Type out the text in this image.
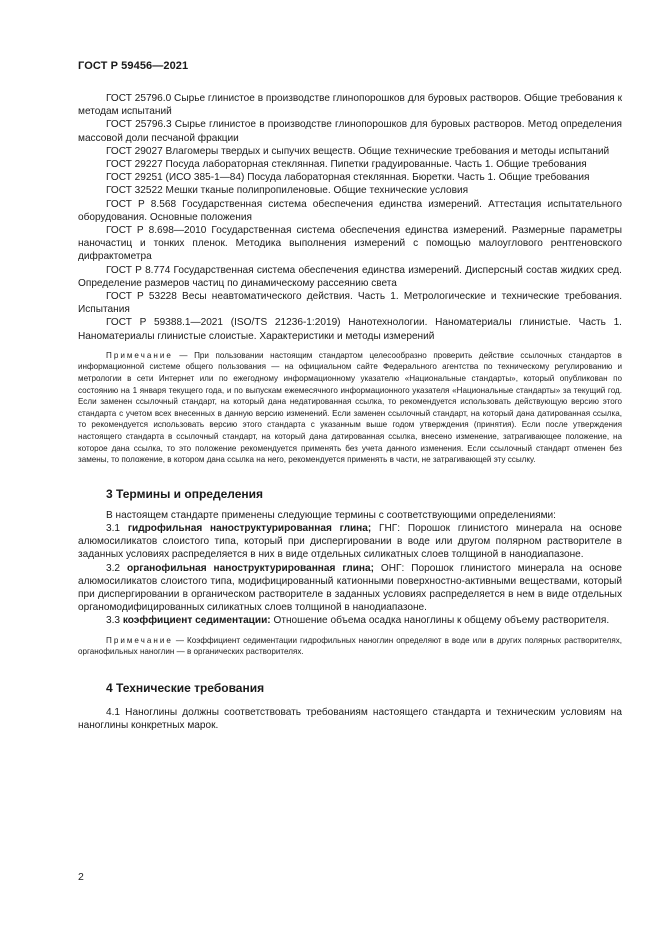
ГОСТ Р 59456—2021

ГОСТ 25796.0 Сырье глинистое в производстве глинопорошков для буровых растворов. Общие требования к методам испытаний

ГОСТ 25796.3 Сырье глинистое в производстве глинопорошков для буровых растворов. Метод определения массовой доли песчаной фракции

ГОСТ 29027 Влагомеры твердых и сыпучих веществ. Общие технические требования и методы испытаний

ГОСТ 29227 Посуда лабораторная стеклянная. Пипетки градуированные. Часть 1. Общие требования

ГОСТ 29251 (ИСО 385-1—84) Посуда лабораторная стеклянная. Бюретки. Часть 1. Общие требования

ГОСТ 32522 Мешки тканые полипропиленовые. Общие технические условия

ГОСТ Р 8.568 Государственная система обеспечения единства измерений. Аттестация испытательного оборудования. Основные положения

ГОСТ Р 8.698—2010 Государственная система обеспечения единства измерений. Размерные параметры наночастиц и тонких пленок. Методика выполнения измерений с помощью малоуглового рентгеновского дифрактометра

ГОСТ Р 8.774 Государственная система обеспечения единства измерений. Дисперсный состав жидких сред. Определение размеров частиц по динамическому рассеянию света

ГОСТ Р 53228 Весы неавтоматического действия. Часть 1. Метрологические и технические требования. Испытания

ГОСТ Р 59388.1—2021 (ISO/TS 21236-1:2019) Нанотехнологии. Наноматериалы глинистые. Часть 1. Наноматериалы глинистые слоистые. Характеристики и методы измерений

Примечание — При пользовании настоящим стандартом целесообразно проверить действие ссылочных стандартов в информационной системе общего пользования — на официальном сайте Федерального агентства по техническому регулированию и метрологии в сети Интернет или по ежегодному информационному указателю «Национальные стандарты», который опубликован по состоянию на 1 января текущего года, и по выпускам ежемесячного информационного указателя «Национальные стандарты» за текущий год. Если заменен ссылочный стандарт, на который дана недатированная ссылка, то рекомендуется использовать действующую версию этого стандарта с учетом всех внесенных в данную версию изменений. Если заменен ссылочный стандарт, на который дана датированная ссылка, то рекомендуется использовать версию этого стандарта с указанным выше годом утверждения (принятия). Если после утверждения настоящего стандарта в ссылочный стандарт, на который дана датированная ссылка, внесено изменение, затрагивающее положение, на которое дана ссылка, то это положение рекомендуется применять без учета данного изменения. Если ссылочный стандарт отменен без замены, то положение, в котором дана ссылка на него, рекомендуется применять в части, не затрагивающей эту ссылку.

3 Термины и определения

В настоящем стандарте применены следующие термины с соответствующими определениями:

3.1 гидрофильная наноструктурированная глина; ГНГ: Порошок глинистого минерала на основе алюмосиликатов слоистого типа, который при диспергировании в воде или другом полярном растворителе в заданных условиях распределяется в них в виде отдельных силикатных слоев толщиной в нанодиапазоне.

3.2 органофильная наноструктурированная глина; ОНГ: Порошок глинистого минерала на основе алюмосиликатов слоистого типа, модифицированный катионными поверхностно-активными веществами, который при диспергировании в органическом растворителе в заданных условиях распределяется в нем в виде отдельных органомодифицированных силикатных слоев толщиной в нанодиапазоне.

3.3 коэффициент седиментации: Отношение объема осадка наноглины к общему объему растворителя.

Примечание — Коэффициент седиментации гидрофильных наноглин определяют в воде или в других полярных растворителях, органофильных наноглин — в органических растворителях.

4 Технические требования

4.1 Наноглины должны соответствовать требованиям настоящего стандарта и техническим условиям на наноглины конкретных марок.

2
